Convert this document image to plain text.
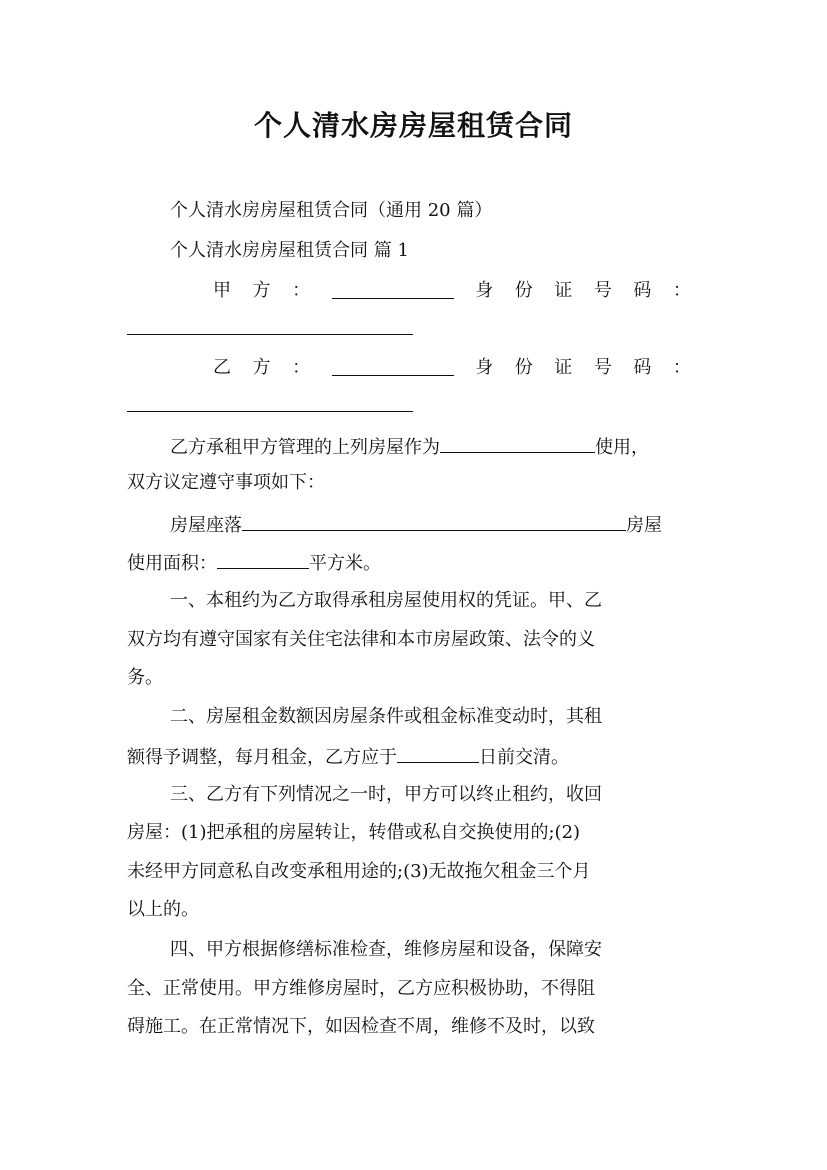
个人清水房房屋租赁合同

个人清水房房屋租赁合同（通用 20 篇）

个人清水房房屋租赁合同 篇 1

甲 方 ：	身 份 证 号 码 ：
乙 方 ：	身 份 证 号 码 ：

乙方承租甲方管理的上列房屋作为	使用，

双方议定遵守事项如下：

房屋座落	房屋

使用面积：	平方米。

一、本租约为乙方取得承租房屋使用权的凭证。甲、乙

双方均有遵守国家有关住宅法律和本市房屋政策、法令的义

务。

二、房屋租金数额因房屋条件或租金标准变动时，其租

额得予调整，每月租金，乙方应于	日前交清。

三、乙方有下列情况之一时，甲方可以终止租约，收回

房屋：(1)把承租的房屋转让，转借或私自交换使用的;(2)

未经甲方同意私自改变承租用途的;(3)无故拖欠租金三个月

以上的。

四、甲方根据修缮标准检查，维修房屋和设备，保障安

全、正常使用。甲方维修房屋时，乙方应积极协助，不得阻

碍施工。在正常情况下，如因检查不周，维修不及时，以致
